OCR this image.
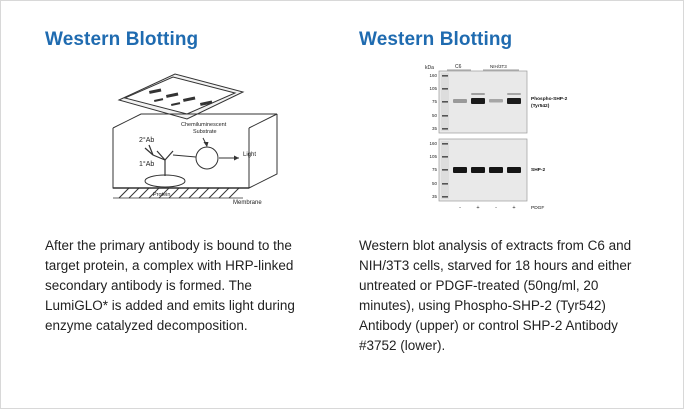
Western Blotting
2°Ab
1°Ab
Protein
Membrane
Chemiluminescent
Substrate
Light
After the primary antibody is bound to the target protein, a complex with HRP-linked secondary antibody is formed. The LumiGLO* is added and emits light during enzyme catalyzed decomposition.
Western Blotting
kDa	C6	NIH/3T3
160
105
75
50
35
160
105
75
50
35
Phospho-SHP-2
(Tyr542)
SHP-2
-	+	-	+	PDGF
Western blot analysis of extracts from C6 and NIH/3T3 cells, starved for 18 hours and either untreated or PDGF-treated (50ng/ml, 20 minutes), using Phospho-SHP-2 (Tyr542) Antibody (upper) or control SHP-2 Antibody #3752 (lower).
